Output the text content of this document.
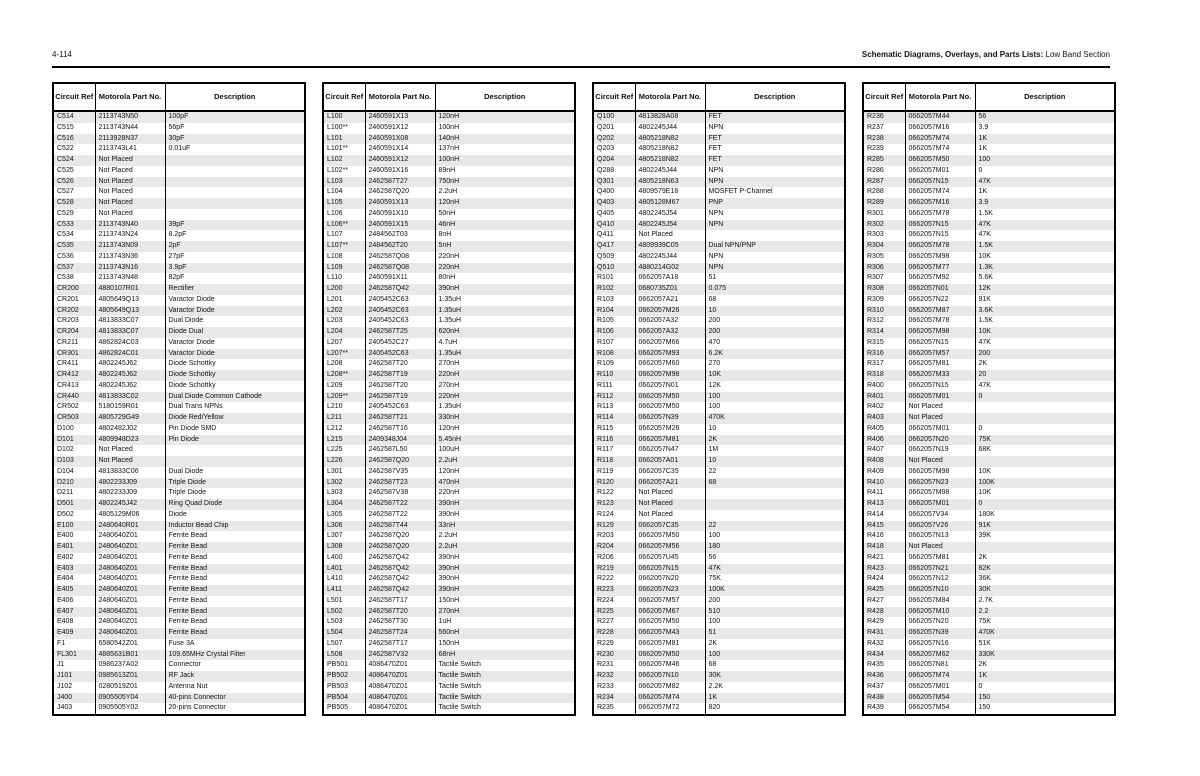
4-114	Schematic Diagrams, Overlays, and Parts Lists: Low Band Section
Circuit Ref	Motorola Part No.	Description
C514	2113743N50	100pF
C515	2113743N44	56pF
C516	2113928N37	30pF
C522	2113743L41	0.01uF
C524	Not Placed	
C525	Not Placed	
C526	Not Placed	
C527	Not Placed	
C528	Not Placed	
C529	Not Placed	
C533	2113743N40	39pF
C534	2113743N24	8.2pF
C535	2113743N09	2pF
C536	2113743N36	27pF
C537	2113743N16	3.9pF
C538	2113743N48	82pF
CR200	4880107R01	Rectifier
CR201	4805649Q13	Varactor Diode
CR202	4805649Q13	Varactor Diode
CR203	4813833C07	Dual Diode
CR204	4813833C07	Diode Dual
CR211	4862824C03	Varactor Diode
CR301	4862824C01	Varactor Diode
CR411	4802245J62	Diode Schottky
CR412	4802245J62	Diode Schottky
CR413	4802245J62	Diode Schottky
CR440	4813833C02	Dual Diode Common Cathode
CR502	5180159R01	Dual Trans NPNs
CR503	4805729G49	Diode Red/Yellow
D100	4802482J02	Pin Diode SMD
D101	4809948D23	Pin Diode
D102	Not Placed	
D103	Not Placed	
D104	4813833C06	Dual Diode
D210	4802233J09	Triple Diode
D211	4802233J09	Triple Diode
D501	4802245J42	Ring Quad Diode
D502	4805129M06	Diode
E100	2480640R01	Inductor Bead Chip
E400	2480640Z01	Ferrite Bead
E401	2480640Z01	Ferrite Bead
E402	2480640Z01	Ferrite Bead
E403	2480640Z01	Ferrite Bead
E404	2480640Z01	Ferrite Bead
E405	2480640Z01	Ferrite Bead
E406	2480640Z01	Ferrite Bead
E407	2480640Z01	Ferrite Bead
E408	2480640Z01	Ferrite Bead
E409	2480640Z01	Ferrite Bead
F1	6580542Z01	Fuse 3A
FL301	4885631B01	109.65MHz Crystal Filter
J1	0986237A02	Connector
J101	0985613Z01	RF Jack
J102	0280519Z01	Antenna Nut
J400	0905505Y04	40-pins Connector
J403	0905505Y02	20-pins Connector
Circuit Ref	Motorola Part No.	Description
L100	2460591X13	120nH
L100**	2460591X12	100nH
L101	2460591X08	140nH
L101**	2460591X14	137nH
L102	2460591X12	100nH
L102**	2460591X16	89nH
L103	2462587T27	750nH
L104	2462587Q20	2.2uH
L105	2460591X13	120nH
L106	2460591X10	50nH
L106**	2460591X15	46nH
L107	2484562T03	8nH
L107**	2484562T20	5nH
L108	2462587Q08	220nH
L109	2462587Q08	220nH
L110	2460591X11	80nH
L200	2462587Q42	390nH
L201	2405452C63	1.35uH
L202	2405452C63	1.35uH
L203	2405452C63	1.35uH
L204	2462587T25	620nH
L207	2405452C27	4.7uH
L207**	2405452C63	1.35uH
L208	2462587T20	270nH
L208**	2462587T19	220nH
L209	2462587T20	270nH
L209**	2462587T19	220nH
L210	2405452C63	1.35uH
L211	2462587T21	330nH
L212	2462587T16	120nH
L215	2409348J04	5.45nH
L225	2462587L50	100uH
L226	2462587Q20	2.2uH
L301	2462587V35	120nH
L302	2462587T23	470nH
L303	2462587V38	220nH
L304	2462587T22	390nH
L305	2462587T22	390nH
L306	2462587T44	33nH
L307	2462587Q20	2.2uH
L308	2462587Q20	2.2uH
L400	2462587Q42	390nH
L401	2462587Q42	390nH
L410	2462587Q42	390nH
L411	2462587Q42	390nH
L501	2462587T17	150nH
L502	2462587T20	270nH
L503	2462587T30	1uH
L504	2462587T24	560nH
L507	2462587T17	150nH
L508	2462587V32	68nH
PB501	4086470Z01	Tactile Switch
PB502	4086470Z01	Tactile Switch
PB503	4086470Z01	Tactile Switch
PB504	4086470Z01	Tactile Switch
PB505	4086470Z01	Tactile Switch
Circuit Ref	Motorola Part No.	Description
Q100	4813828A08	FET
Q201	4802245J44	NPN
Q202	4805218N82	FET
Q203	4805218N82	FET
Q204	4805218N82	FET
Q288	4802245J44	NPN
Q301	4805218N63	NPN
Q400	4809579E18	MOSFET P-Channel
Q403	4805128M67	PNP
Q405	4802245J54	NPN
Q410	4802245J54	NPN
Q411	Not Placed	
Q417	4809939C05	Dual NPN/PNP
Q509	4802245J44	NPN
Q510	4880214G02	NPN
R101	0662057A18	51
R102	0680735Z01	0.075
R103	0662057A21	68
R104	0662057M26	10
R105	0662057A32	200
R106	0662057A32	200
R107	0662057M66	470
R108	0662057M93	6.2K
R109	0662057M60	270
R110	0662057M98	10K
R111	0662057N01	12K
R112	0662057M50	100
R113	0662057M50	100
R114	0662057N39	470K
R115	0662057M26	10
R116	0662057M81	2K
R117	0662057N47	1M
R118	0662057A01	10
R119	0662057C35	22
R120	0662057A21	68
R122	Not Placed	
R123	Not Placed	
R124	Not Placed	
R129	0662057C35	22
R203	0662057M50	100
R204	0662057M56	180
R206	0662057U45	56
R219	0662057N15	47K
R222	0662057N20	75K
R223	0662057N23	100K
R224	0662057M57	200
R225	0662057M67	510
R227	0662057M50	100
R228	0662057M43	51
R229	0662057M81	2K
R230	0662057M50	100
R231	0662057M46	68
R232	0662057N10	30K
R233	0662057M82	2.2K
R234	0662057M74	1K
R235	0662057M72	820
Circuit Ref	Motorola Part No.	Description
R236	0662057M44	56
R237	0662057M16	3.9
R238	0662057M74	1K
R239	0662057M74	1K
R285	0662057M50	100
R286	0662057M01	0
R287	0662057N15	47K
R288	0662057M74	1K
R289	0662057M16	3.9
R301	0662057M78	1.5K
R302	0662057N15	47K
R303	0662057N15	47K
R304	0662057M78	1.5K
R305	0662057M98	10K
R306	0662057M77	1.3K
R307	0662057M92	5.6K
R308	0662057N01	12K
R309	0662057N22	91K
R310	0662057M87	3.6K
R312	0662057M78	1.5K
R314	0662057M98	10K
R315	0662057N15	47K
R316	0662057M57	200
R317	0662057M81	2K
R318	0662057M33	20
R400	0662057N15	47K
R401	0662057M01	0
R402	Not Placed	
R403	Not Placed	
R405	0662057M01	0
R406	0662057N20	75K
R407	0662057N19	68K
R408	Not Placed	
R409	0662057M98	10K
R410	0662057N23	100K
R411	0662057M98	10K
R413	0662057M01	0
R414	0662057V34	180K
R415	0662057V26	91K
R416	0662057N13	39K
R418	Not Placed	
R421	0662057M81	2K
R423	0662057N21	82K
R424	0662057N12	36K
R425	0662057N10	30K
R427	0662057M84	2.7K
R428	0662057M10	2.2
R429	0662057N20	75K
R431	0662057N39	470K
R432	0662057N16	51K
R434	0662057M62	330K
R435	0662057N81	2K
R436	0662057M74	1K
R437	0662057M01	0
R438	0662057M54	150
R439	0662057M54	150
